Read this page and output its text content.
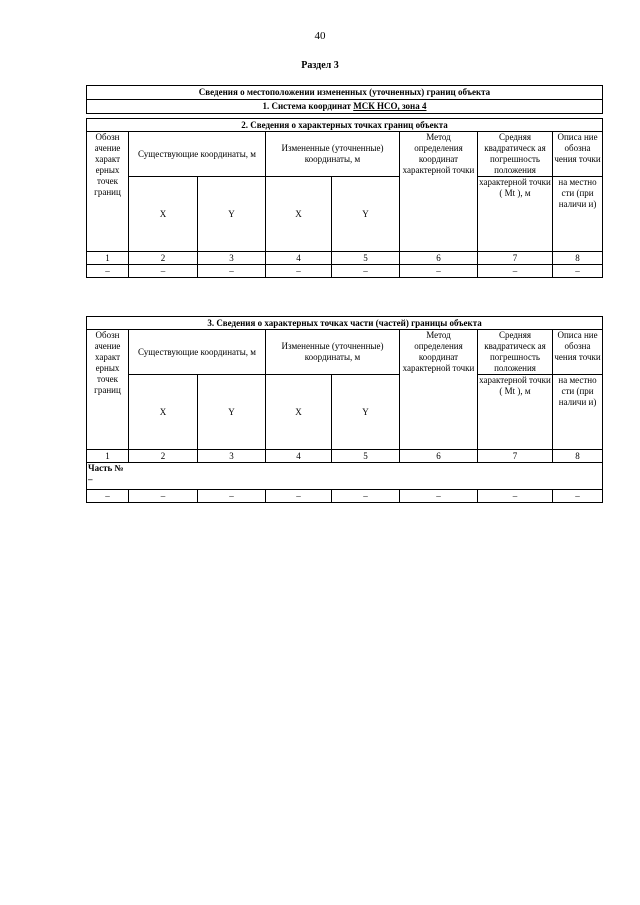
40
Раздел 3
Сведения о местоположении измененных (уточненных) границ объекта
1. Система координат МСК НСО, зона 4
2. Сведения о характерных точках границ объекта							
Обозн ачение характ ерных точек границ	Существующие координаты, м		Измененные (уточненные) координаты, м		Метод определения координат характерной точки	Средняя квадратическ ая погрешность положения	Описа ние обозна чения точки
	X	Y	X	Y		характерной точки ( Mt ), м	на местно сти (при наличи и)
1	2	3	4	5	6	7	8
–	–	–	–	–	–	–	–
3. Сведения о характерных точках части (частей) границы объекта							
Обозн ачение характ ерных точек границ	Существующие координаты, м		Измененные (уточненные) координаты, м		Метод определения координат характерной точки	Средняя квадратическ ая погрешность положения	Описа ние обозна чения точки
	X	Y	X	Y		характерной точки ( Mt ), м	на местно сти (при наличи и)
1	2	3	4	5	6	7	8
Часть № –							
–	–	–	–	–	–	–	–
